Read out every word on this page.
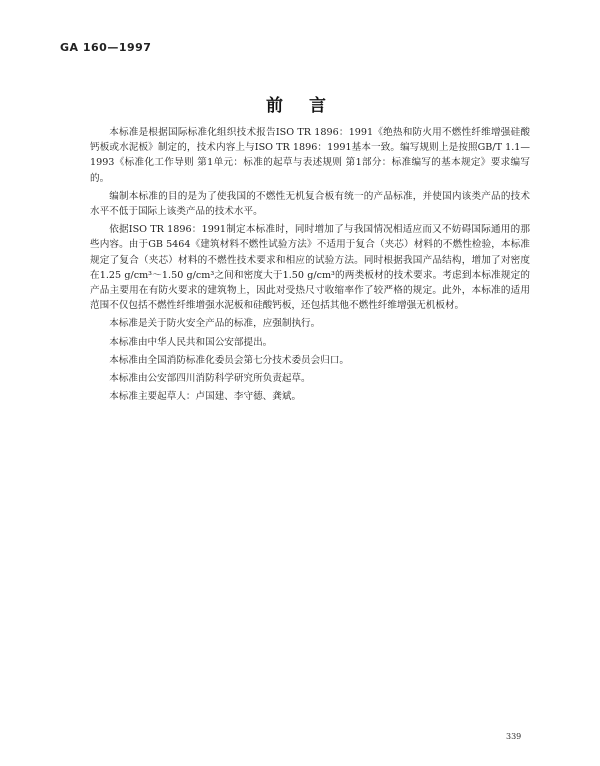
GA 160—1997
前言

本标准是根据国际标准化组织技术报告ISO TR 1896：1991《绝热和防火用不燃性纤维增强硅酸钙板或水泥板》制定的，技术内容上与ISO TR 1896：1991基本一致。编写规则上是按照GB/T 1.1—1993《标准化工作导则 第1单元：标准的起草与表述规则 第1部分：标准编写的基本规定》要求编写的。

编制本标准的目的是为了使我国的不燃性无机复合板有统一的产品标准，并使国内该类产品的技术水平不低于国际上该类产品的技术水平。

依据ISO TR 1896：1991制定本标准时，同时增加了与我国情况相适应而又不妨碍国际通用的那些内容。由于GB 5464《建筑材料不燃性试验方法》不适用于复合（夹芯）材料的不燃性检验，本标准规定了复合（夹芯）材料的不燃性技术要求和相应的试验方法。同时根据我国产品结构，增加了对密度在1.25 g/cm³～1.50 g/cm³之间和密度大于1.50 g/cm³的两类板材的技术要求。考虑到本标准规定的产品主要用在有防火要求的建筑物上，因此对受热尺寸收缩率作了较严格的规定。此外，本标准的适用范围不仅包括不燃性纤维增强水泥板和硅酸钙板，还包括其他不燃性纤维增强无机板材。

本标准是关于防火安全产品的标准，应强制执行。

本标准由中华人民共和国公安部提出。

本标准由全国消防标准化委员会第七分技术委员会归口。

本标准由公安部四川消防科学研究所负责起草。

本标准主要起草人：卢国建、李守德、龚斌。

339
